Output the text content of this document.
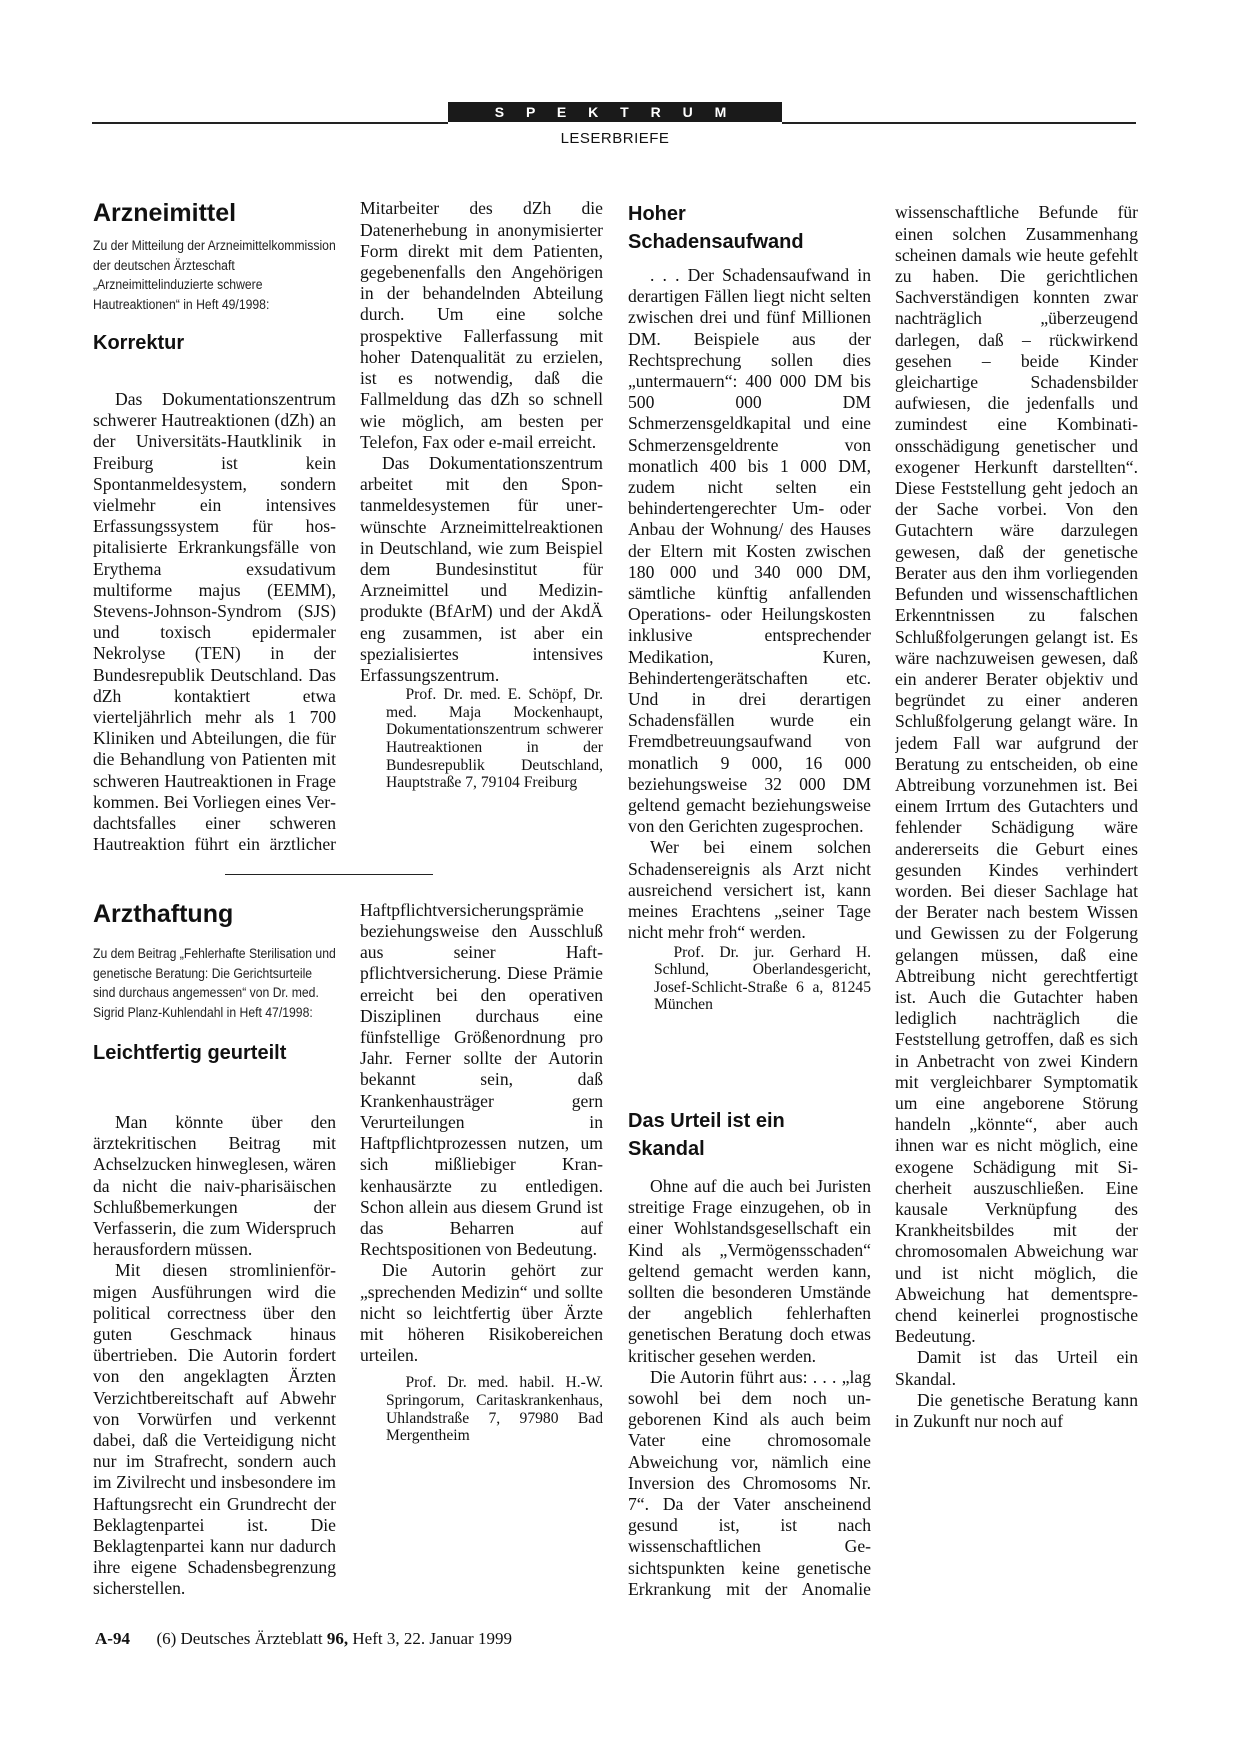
S P E K T R U M
LESERBRIEFE
Arzneimittel

Zu der Mitteilung der Arzneimittelkommission der deutschen Ärzteschaft „Arzneimittelinduzierte schwere Hautreaktionen“ in Heft 49/1998:

Korrektur

Das Dokumentationszentrum schwerer Hautreaktionen (dZh) an der Universitäts-Hautklinik in Freiburg ist kein Spontanmeldesystem, sondern vielmehr ein intensives Erfassungssystem für hospitalisierte Erkrankungsfälle von Erythema exsudativum multiforme majus (EEMM), Stevens-Johnson-Syndrom (SJS) und toxisch epidermaler Nekrolyse (TEN) in der Bundesrepublik Deutschland. Das dZh kontaktiert etwa vierteljährlich mehr als 1 700 Kliniken und Abteilungen, die für die Behandlung von Patienten mit schweren Hautreaktionen in Frage kommen. Bei Vorliegen eines Verdachtsfalles einer schweren Hautreaktion führt ein ärztlicher

Mitarbeiter des dZh die Datenerhebung in anonymisierter Form direkt mit dem Patienten, gegebenenfalls den Angehörigen in der behandelnden Abteilung durch. Um eine solche prospektive Fallerfassung mit hoher Datenqualität zu erzielen, ist es notwendig, daß die Fallmeldung das dZh so schnell wie möglich, am besten per Telefon, Fax oder e-mail erreicht.

Das Dokumentationszentrum arbeitet mit den Spontanmeldesystemen für unerwünschte Arzneimittelreaktionen in Deutschland, wie zum Beispiel dem Bundesinstitut für Arzneimittel und Medizinprodukte (BfArM) und der AkdÄ eng zusammen, ist aber ein spezialisiertes intensives Erfassungszentrum.

Prof. Dr. med. E. Schöpf, Dr. med. Maja Mockenhaupt, Dokumentationszentrum schwerer Hautreaktionen in der Bundesrepublik Deutschland, Hauptstraße 7, 79104 Freiburg

Arzthaftung

Zu dem Beitrag „Fehlerhafte Sterilisation und genetische Beratung: Die Gerichtsurteile sind durchaus angemessen“ von Dr. med. Sigrid Planz-Kuhlendahl in Heft 47/1998:

Leichtfertig geurteilt

Man könnte über den ärztekritischen Beitrag mit Achselzucken hinweglesen, wären da nicht die naiv-pharisäischen Schlußbemerkungen der Verfasserin, die zum Widerspruch herausfordern müssen.

Mit diesen stromlinienförmigen Ausführungen wird die political correctness über den guten Geschmack hinaus übertrieben. Die Autorin fordert von den angeklagten Ärzten Verzichtbereitschaft auf Abwehr von Vorwürfen und verkennt dabei, daß die Verteidigung nicht nur im Strafrecht, sondern auch im Zivilrecht und insbesondere im Haftungsrecht ein Grundrecht der Beklagtenpartei ist. Die Beklagtenpartei kann nur dadurch ihre eigene Schadensbegrenzung sicherstellen.

Haftpflichtversicherungsprämie beziehungsweise den Ausschluß aus seiner Haftpflichtversicherung. Diese Prämie erreicht bei den operativen Disziplinen durchaus eine fünfstellige Größenordnung pro Jahr. Ferner sollte der Autorin bekannt sein, daß Krankenhausträger gern Verurteilungen in Haftpflichtprozessen nutzen, um sich mißliebiger Krankenhausärzte zu entledigen. Schon allein aus diesem Grund ist das Beharren auf Rechtspositionen von Bedeutung.

Die Autorin gehört zur „sprechenden Medizin“ und sollte nicht so leichtfertig über Ärzte mit höheren Risikobereichen urteilen.

Prof. Dr. med. habil. H.-W. Springorum, Caritaskrankenhaus, Uhlandstraße 7, 97980 Bad Mergentheim

Hoher Schadensaufwand

. . . Der Schadensaufwand in derartigen Fällen liegt nicht selten zwischen drei und fünf Millionen DM. Beispiele aus der Rechtsprechung sollen dies „untermauern“: 400 000 DM bis 500 000 DM Schmerzensgeldkapital und eine Schmerzensgeldrente von monatlich 400 bis 1 000 DM, zudem nicht selten ein behindertengerechter Um- oder Anbau der Wohnung/ des Hauses der Eltern mit Kosten zwischen 180 000 und 340 000 DM, sämtliche künftig anfallenden Operations- oder Heilungskosten inklusive entsprechender Medikation, Kuren, Behindertengerätschaften etc. Und in drei derartigen Schadensfällen wurde ein Fremdbetreuungsaufwand von monatlich 9 000, 16 000 beziehungsweise 32 000 DM geltend gemacht beziehungsweise von den Gerichten zugesprochen.

Wer bei einem solchen Schadensereignis als Arzt nicht ausreichend versichert ist, kann meines Erachtens „seiner Tage nicht mehr froh“ werden.

Prof. Dr. jur. Gerhard H. Schlund, Oberlandesgericht, Josef-Schlicht-Straße 6 a, 81245 München

Das Urteil ist ein Skandal

Ohne auf die auch bei Juristen streitige Frage einzugehen, ob in einer Wohlstandsgesellschaft ein Kind als „Vermögensschaden“ geltend gemacht werden kann, sollten die besonderen Umstände der angeblich fehlerhaften genetischen Beratung doch etwas kritischer gesehen werden.

Die Autorin führt aus: . . . „lag sowohl bei dem noch ungeborenen Kind als auch beim Vater eine chromosomale Abweichung vor, nämlich eine Inversion des Chromosoms Nr. 7“. Da der Vater anscheinend gesund ist, ist nach wissenschaftlichen Gesichtspunkten keine genetische Erkrankung mit der Anomalie

wissenschaftliche Befunde für einen solchen Zusammenhang scheinen damals wie heute gefehlt zu haben. Die gerichtlichen Sachverständigen konnten zwar nachträglich „überzeugend darlegen, daß – rückwirkend gesehen – beide Kinder gleichartige Schadensbilder aufwiesen, die jedenfalls und zumindest eine Kombinationsschädigung genetischer und exogener Herkunft darstellten“. Diese Feststellung geht jedoch an der Sache vorbei. Von den Gutachtern wäre darzulegen gewesen, daß der genetische Berater aus den ihm vorliegenden Befunden und wissenschaftlichen Erkenntnissen zu falschen Schlußfolgerungen gelangt ist. Es wäre nachzuweisen gewesen, daß ein anderer Berater objektiv und begründet zu einer anderen Schlußfolgerung gelangt wäre. In jedem Fall war aufgrund der Beratung zu entscheiden, ob eine Abtreibung vorzunehmen ist. Bei einem Irrtum des Gutachters und fehlender Schädigung wäre andererseits die Geburt eines gesunden Kindes verhindert worden. Bei dieser Sachlage hat der Berater nach bestem Wissen und Gewissen zu der Folgerung gelangen müssen, daß eine Abtreibung nicht gerechtfertigt ist. Auch die Gutachter haben lediglich nachträglich die Feststellung getroffen, daß es sich in Anbetracht von zwei Kindern mit vergleichbarer Symptomatik um eine angeborene Störung handeln „könnte“, aber auch ihnen war es nicht möglich, eine exogene Schädigung mit Sicherheit auszuschließen. Eine kausale Verknüpfung des Krankheitsbildes mit der chromosomalen Abweichung war und ist nicht möglich, die Abweichung hat dementsprechend keinerlei prognostische Bedeutung.

Damit ist das Urteil ein Skandal.

Die genetische Beratung kann in Zukunft nur noch auf

A-94 (6) Deutsches Ärzteblatt 96, Heft 3, 22. Januar 1999
